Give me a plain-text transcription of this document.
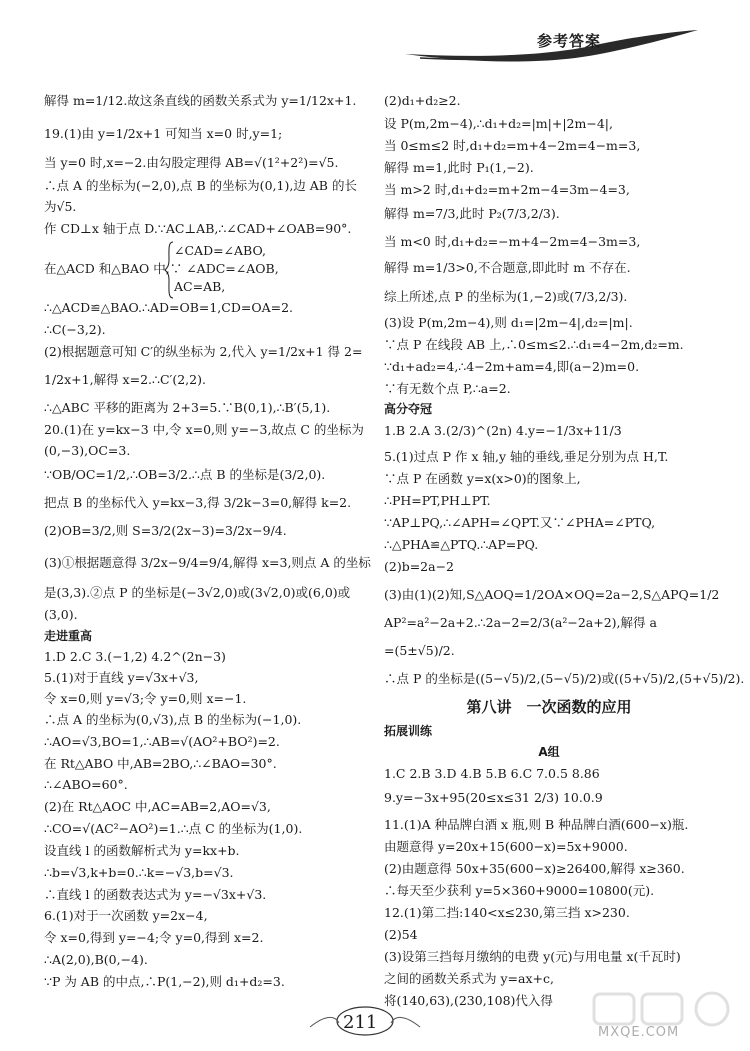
参考答案
解得 m=1/12.故这条直线的函数关系式为 y=1/12x+1.
19.(1)由 y=1/2x+1 可知当 x=0 时,y=1;
当 y=0 时,x=−2.由勾股定理得 AB=√(1²+2²)=√5.
∴点 A 的坐标为(−2,0),点 B 的坐标为(0,1),边 AB 的长
为√5.
作 CD⊥x 轴于点 D.∵AC⊥AB,∴∠CAD+∠OAB=90°.
∠CAD=∠ABO,
在△ACD 和△BAO 中,∵ ∠ADC=∠AOB,
AC=AB,
∴△ACD≌△BAO.∴AD=OB=1,CD=OA=2.
∴C(−3,2).
(2)根据题意可知 C′的纵坐标为 2,代入 y=1/2x+1 得 2=
1/2x+1,解得 x=2.∴C′(2,2).
∴△ABC 平移的距离为 2+3=5.∵B(0,1),∴B′(5,1).
20.(1)在 y=kx−3 中,令 x=0,则 y=−3,故点 C 的坐标为
(0,−3),OC=3.
∵OB/OC=1/2,∴OB=3/2.∴点 B 的坐标是(3/2,0).
把点 B 的坐标代入 y=kx−3,得 3/2k−3=0,解得 k=2.
(2)OB=3/2,则 S=3/2(2x−3)=3/2x−9/4.
(3)①根据题意得 3/2x−9/4=9/4,解得 x=3,则点 A 的坐标
是(3,3).②点 P 的坐标是(−3√2,0)或(3√2,0)或(6,0)或
(3,0).
走进重高
1.D 2.C 3.(−1,2) 4.2^(2n−3)
5.(1)对于直线 y=√3x+√3,
令 x=0,则 y=√3;令 y=0,则 x=−1.
∴点 A 的坐标为(0,√3),点 B 的坐标为(−1,0).
∴AO=√3,BO=1,∴AB=√(AO²+BO²)=2.
在 Rt△ABO 中,AB=2BO,∴∠BAO=30°.
∴∠ABO=60°.
(2)在 Rt△AOC 中,AC=AB=2,AO=√3,
∴CO=√(AC²−AO²)=1.∴点 C 的坐标为(1,0).
设直线 l 的函数解析式为 y=kx+b.
∴b=√3,k+b=0.∴k=−√3,b=√3.
∴直线 l 的函数表达式为 y=−√3x+√3.
6.(1)对于一次函数 y=2x−4,
令 x=0,得到 y=−4;令 y=0,得到 x=2.
∴A(2,0),B(0,−4).
∵P 为 AB 的中点,∴P(1,−2),则 d₁+d₂=3.
(2)d₁+d₂≥2.
设 P(m,2m−4),∴d₁+d₂=|m|+|2m−4|,
当 0≤m≤2 时,d₁+d₂=m+4−2m=4−m=3,
解得 m=1,此时 P₁(1,−2).
当 m>2 时,d₁+d₂=m+2m−4=3m−4=3,
解得 m=7/3,此时 P₂(7/3,2/3).
当 m<0 时,d₁+d₂=−m+4−2m=4−3m=3,
解得 m=1/3>0,不合题意,即此时 m 不存在.
综上所述,点 P 的坐标为(1,−2)或(7/3,2/3).
(3)设 P(m,2m−4),则 d₁=|2m−4|,d₂=|m|.
∵点 P 在线段 AB 上,∴0≤m≤2.∴d₁=4−2m,d₂=m.
∵d₁+ad₂=4,∴4−2m+am=4,即(a−2)m=0.
∵有无数个点 P,∴a=2.
高分夺冠
1.B 2.A 3.(2/3)^(2n) 4.y=−1/3x+11/3
5.(1)过点 P 作 x 轴,y 轴的垂线,垂足分别为点 H,T.
∵点 P 在函数 y=x(x>0)的图象上,
∴PH=PT,PH⊥PT.
∵AP⊥PQ,∴∠APH=∠QPT.又∵∠PHA=∠PTQ,
∴△PHA≌△PTQ.∴AP=PQ.
(2)b=2a−2
(3)由(1)(2)知,S△AOQ=1/2OA×OQ=2a−2,S△APQ=1/2
AP²=a²−2a+2.∴2a−2=2/3(a²−2a+2),解得 a
=(5±√5)/2.
∴点 P 的坐标是((5−√5)/2,(5−√5)/2)或((5+√5)/2,(5+√5)/2).
第八讲　一次函数的应用
拓展训练
A组
1.C 2.B 3.D 4.B 5.B 6.C 7.0.5 8.86
9.y=−3x+95(20≤x≤31 2/3) 10.0.9
11.(1)A 种品牌白酒 x 瓶,则 B 种品牌白酒(600−x)瓶.
由题意得 y=20x+15(600−x)=5x+9000.
(2)由题意得 50x+35(600−x)≥26400,解得 x≥360.
∴每天至少获利 y=5×360+9000=10800(元).
12.(1)第二挡:140<x≤230,第三挡 x>230.
(2)54
(3)设第三挡每月缴纳的电费 y(元)与用电量 x(千瓦时)
之间的函数关系式为 y=ax+c,
将(140,63),(230,108)代入得
211	MXQE.COM
